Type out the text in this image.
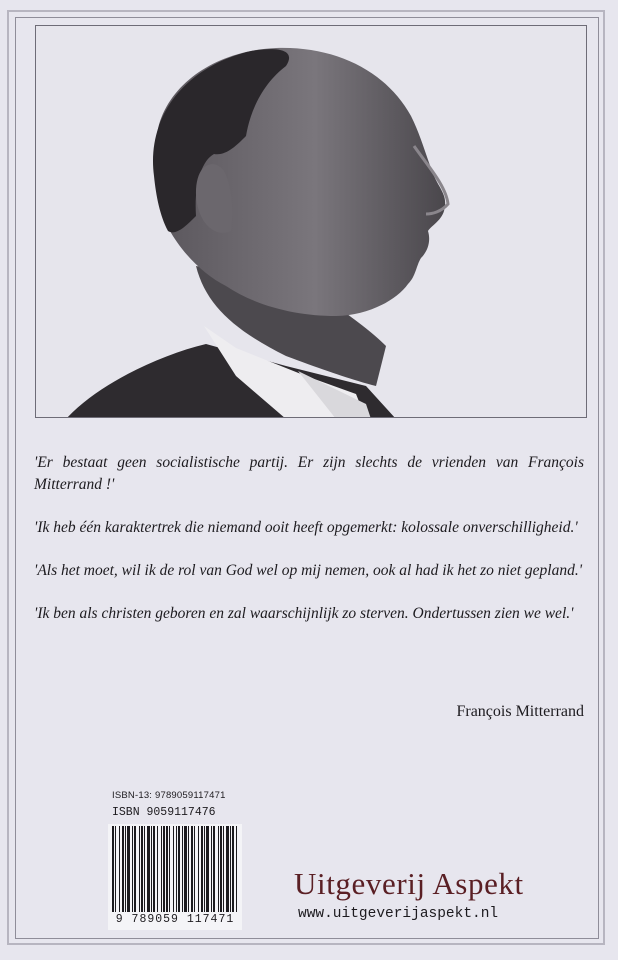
'Er bestaat geen socialistische partij. Er zijn slechts de vrienden van François Mitterrand !'

'Ik heb één karaktertrek die niemand ooit heeft opgemerkt: kolossale onverschilligheid.'

'Als het moet, wil ik de rol van God wel op mij nemen, ook al had ik het zo niet gepland.'

'Ik ben als christen geboren en zal waarschijnlijk zo sterven. Ondertussen zien we wel.'

François Mitterrand
ISBN-13: 9789059117471
ISBN 9059117476
9 789059 117471
Uitgeverij Aspekt
www.uitgeverijaspekt.nl
